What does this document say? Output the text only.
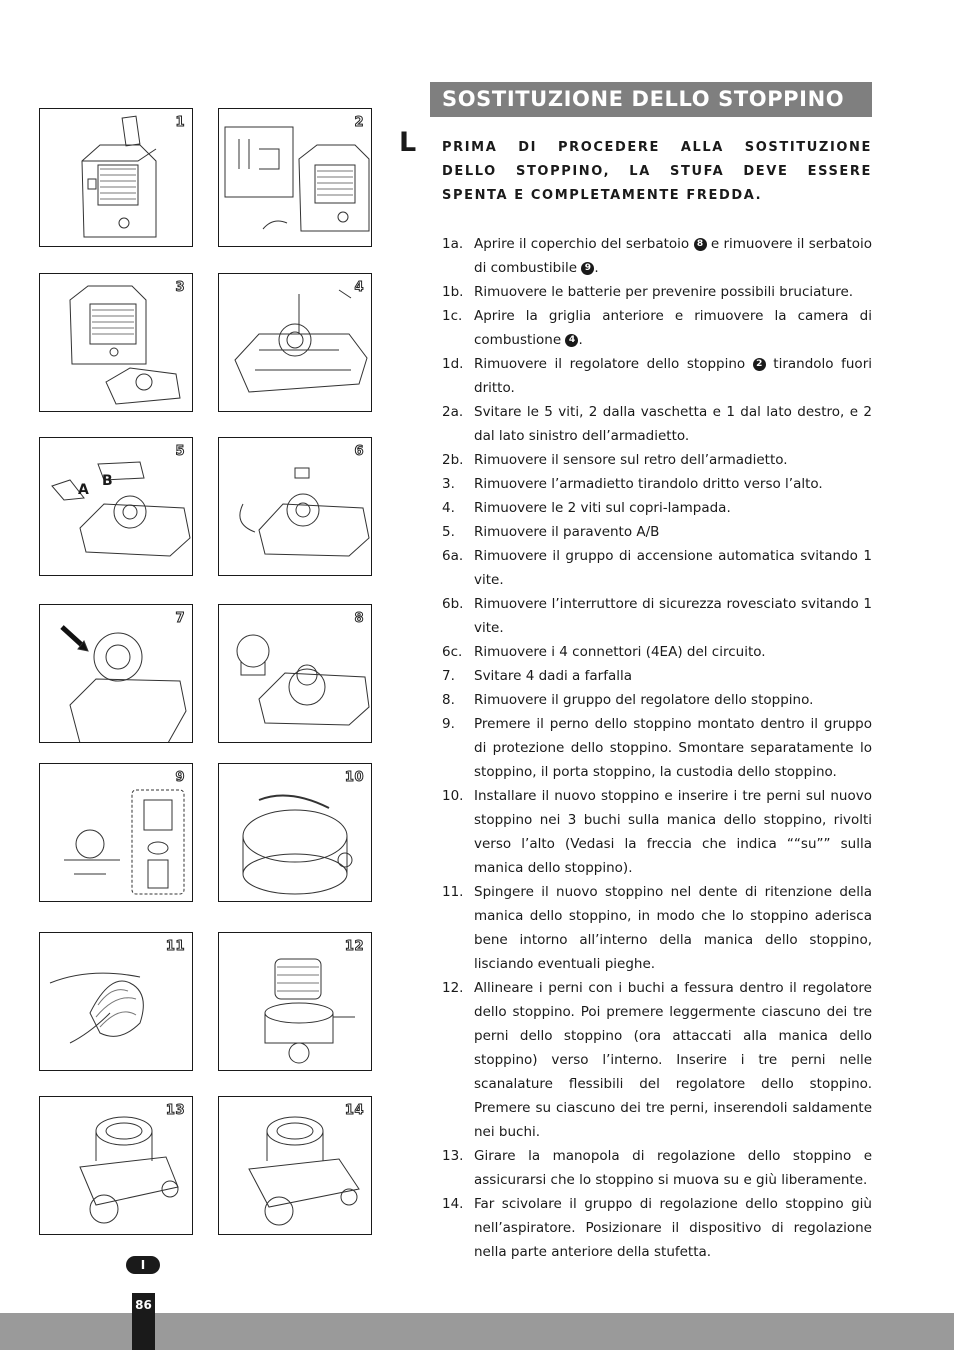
1	2
3	4
5
A
B
6
7	8
9	10
11	12
13	14
SOSTITUZIONE DELLO STOPPINO
L PRIMA DI PROCEDERE ALLA SOSTITUZIONE DELLO STOPPINO, LA STUFA DEVE ESSERE SPENTA E COMPLETAMENTE FREDDA.
1a. Aprire il coperchio del serbatoio 8 e rimuovere il serbatoio di combustibile 9 .
1b. Rimuovere le batterie per prevenire possibili bruciature.
1c. Aprire la griglia anteriore e rimuovere la camera di combustione 4 .
1d. Rimuovere il regolatore dello stoppino 2 tirandolo fuori dritto.
2a. Svitare le 5 viti, 2 dalla vaschetta e 1 dal lato destro, e 2 dal lato sinistro dell’armadietto.
2b. Rimuovere il sensore sul retro dell’armadietto.
3. Rimuovere l’armadietto tirandolo dritto verso l’alto.
4. Rimuovere le 2 viti sul copri-lampada.
5. Rimuovere il paravento A/B
6a. Rimuovere il gruppo di accensione automatica svitando 1 vite.
6b. Rimuovere l’interruttore di sicurezza rovesciato svitando 1 vite.
6c. Rimuovere i 4 connettori (4EA) del circuito.
7. Svitare 4 dadi a farfalla
8. Rimuovere il gruppo del regolatore dello stoppino.
9. Premere il perno dello stoppino montato dentro il gruppo di protezione dello stoppino. Smontare separatamente lo stoppino, il porta stoppino, la custodia dello stoppino.
10. Installare il nuovo stoppino e inserire i tre perni sul nuovo stoppino nei 3 buchi sulla manica dello stoppino, rivolti verso l’alto (Vedasi la freccia che indica ““su”” sulla manica dello stoppino).
11. Spingere il nuovo stoppino nel dente di ritenzione della manica dello stoppino, in modo che lo stoppino aderisca bene intorno all’interno della manica dello stoppino, lisciando eventuali pieghe.
12. Allineare i perni con i buchi a fessura dentro il regolatore dello stoppino. Poi premere leggermente ciascuno dei tre perni dello stoppino (ora attaccati alla manica dello stoppino) verso l’interno. Inserire i tre perni nelle scanalature flessibili del regolatore dello stoppino. Premere su ciascuno dei tre perni, inserendoli saldamente nei buchi.
13. Girare la manopola di regolazione dello stoppino e assicurarsi che lo stoppino si muova su e giù liberamente.
14. Far scivolare il gruppo di regolazione dello stoppino giù nell’aspiratore. Posizionare il dispositivo di regolazione nella parte anteriore della stufetta.
I
86
